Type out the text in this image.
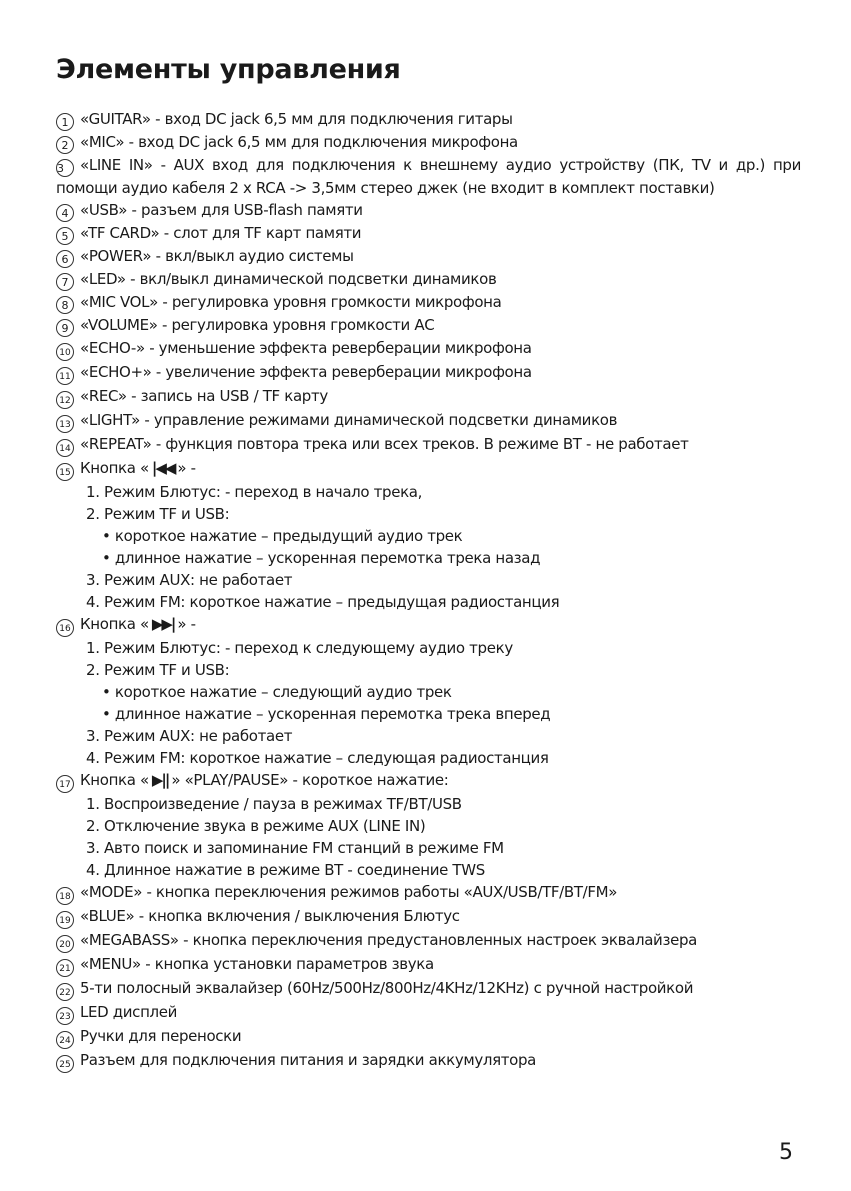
Элементы управления
1 «GUITAR» - вход DC jack 6,5 мм для подключения гитары
2 «MIC» - вход DC jack 6,5 мм для подключения микрофона
3 «LINE IN» - AUX вход для подключения к внешнему аудио устройству (ПК, TV и др.) при помощи аудио кабеля 2 х RCA -> 3,5мм стерео джек (не входит в комплект поставки)
4 «USB» - разъем для USB-flash памяти
5 «TF CARD» - слот для TF карт памяти
6 «POWER» - вкл/выкл аудио системы
7 «LED» - вкл/выкл динамической подсветки динамиков
8 «MIC VOL» - регулировка уровня громкости микрофона
9 «VOLUME» - регулировка уровня громкости АС
10 «ECHO-» - уменьшение эффекта реверберации микрофона
11 «ECHO+» - увеличение эффекта реверберации микрофона
12 «REC» - запись на USB / TF карту
13 «LIGHT» - управление режимами динамической подсветки динамиков
14 «REPEAT» - функция повтора трека или всех треков. В режиме BT - не работает
15 Кнопка « |◀◀ » -
1. Режим Блютус: - переход в начало трека,
2. Режим TF и USB:
• короткое нажатие – предыдущий аудио трек
• длинное нажатие – ускоренная перемотка трека назад
3. Режим AUX: не работает
4. Режим FM: короткое нажатие – предыдущая радиостанция
16 Кнопка « ▶▶| » -
1. Режим Блютус: - переход к следующему аудио треку
2. Режим TF и USB:
• короткое нажатие – следующий аудио трек
• длинное нажатие – ускоренная перемотка трека вперед
3. Режим AUX: не работает
4. Режим FM: короткое нажатие – следующая радиостанция
17 Кнопка « ▶|| » «PLAY/PAUSE» - короткое нажатие:
1. Воспроизведение / пауза в режимах TF/BT/USB
2. Отключение звука в режиме AUX (LINE IN)
3. Авто поиск и запоминание FM станций в режиме FM
4. Длинное нажатие в режиме BT - соединение TWS
18 «MODE» - кнопка переключения режимов работы «AUX/USB/TF/BT/FM»
19 «BLUE» - кнопка включения / выключения Блютус
20 «MEGABASS» - кнопка переключения предустановленных настроек эквалайзера
21 «MENU» - кнопка установки параметров звука
22 5-ти полосный эквалайзер (60Hz/500Hz/800Hz/4KHz/12KHz) с ручной настройкой
23 LED дисплей
24 Ручки для переноски
25 Разъем для подключения питания и зарядки аккумулятора
5
